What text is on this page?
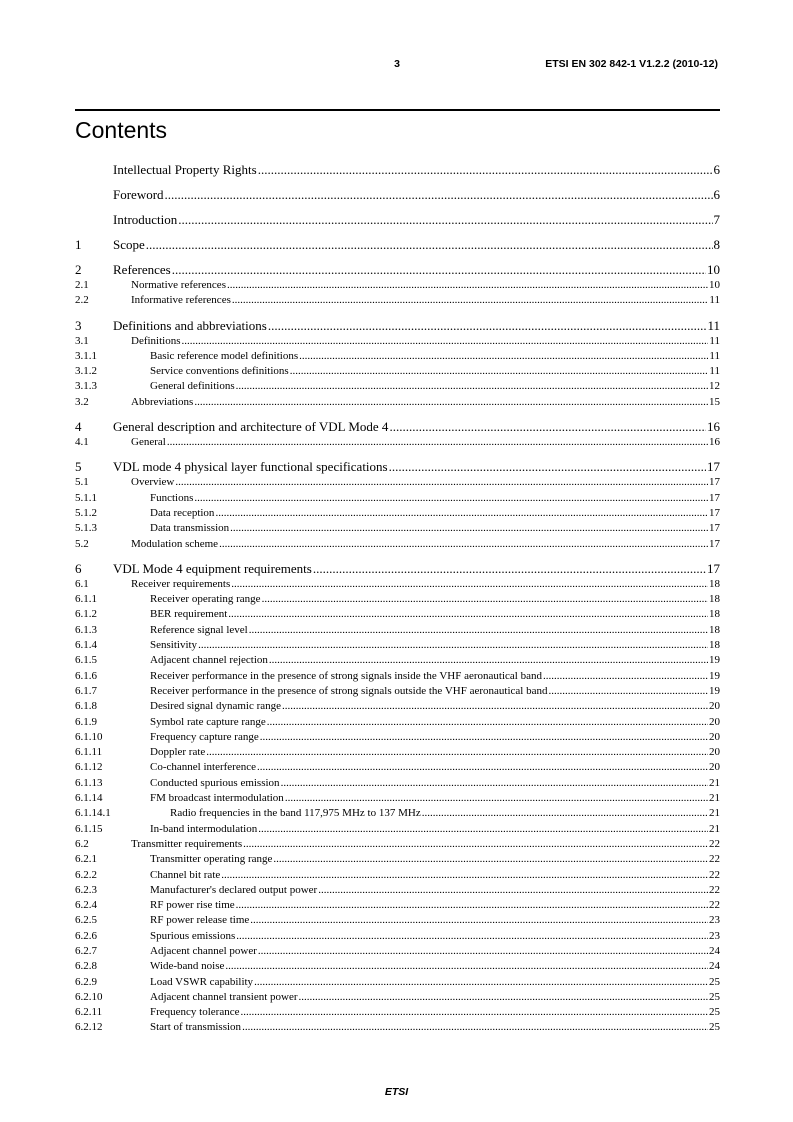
3	ETSI EN 302 842-1 V1.2.2 (2010-12)
Contents
Intellectual Property Rights .....	6
Foreword .....	6
Introduction .....	7
1	Scope .....	8
2	References .....	10
2.1	Normative references .....	10
2.2	Informative references .....	11
3	Definitions and abbreviations .....	11
3.1	Definitions .....	11
3.1.1	Basic reference model definitions .....	11
3.1.2	Service conventions definitions .....	11
3.1.3	General definitions .....	12
3.2	Abbreviations .....	15
4	General description and architecture of VDL Mode 4 .....	16
4.1	General .....	16
5	VDL mode 4 physical layer functional specifications .....	17
5.1	Overview .....	17
5.1.1	Functions .....	17
5.1.2	Data reception .....	17
5.1.3	Data transmission .....	17
5.2	Modulation scheme .....	17
6	VDL Mode 4 equipment requirements .....	17
6.1	Receiver requirements .....	18
6.1.1	Receiver operating range .....	18
6.1.2	BER requirement .....	18
6.1.3	Reference signal level .....	18
6.1.4	Sensitivity .....	18
6.1.5	Adjacent channel rejection .....	19
6.1.6	Receiver performance in the presence of strong signals inside the VHF aeronautical band .....	19
6.1.7	Receiver performance in the presence of strong signals outside the VHF aeronautical band .....	19
6.1.8	Desired signal dynamic range .....	20
6.1.9	Symbol rate capture range .....	20
6.1.10	Frequency capture range .....	20
6.1.11	Doppler rate .....	20
6.1.12	Co-channel interference .....	20
6.1.13	Conducted spurious emission .....	21
6.1.14	FM broadcast intermodulation .....	21
6.1.14.1	Radio frequencies in the band 117,975 MHz to 137 MHz .....	21
6.1.15	In-band intermodulation .....	21
6.2	Transmitter requirements .....	22
6.2.1	Transmitter operating range .....	22
6.2.2	Channel bit rate .....	22
6.2.3	Manufacturer's declared output power .....	22
6.2.4	RF power rise time .....	22
6.2.5	RF power release time .....	23
6.2.6	Spurious emissions .....	23
6.2.7	Adjacent channel power .....	24
6.2.8	Wide-band noise .....	24
6.2.9	Load VSWR capability .....	25
6.2.10	Adjacent channel transient power .....	25
6.2.11	Frequency tolerance .....	25
6.2.12	Start of transmission .....	25
ETSI
